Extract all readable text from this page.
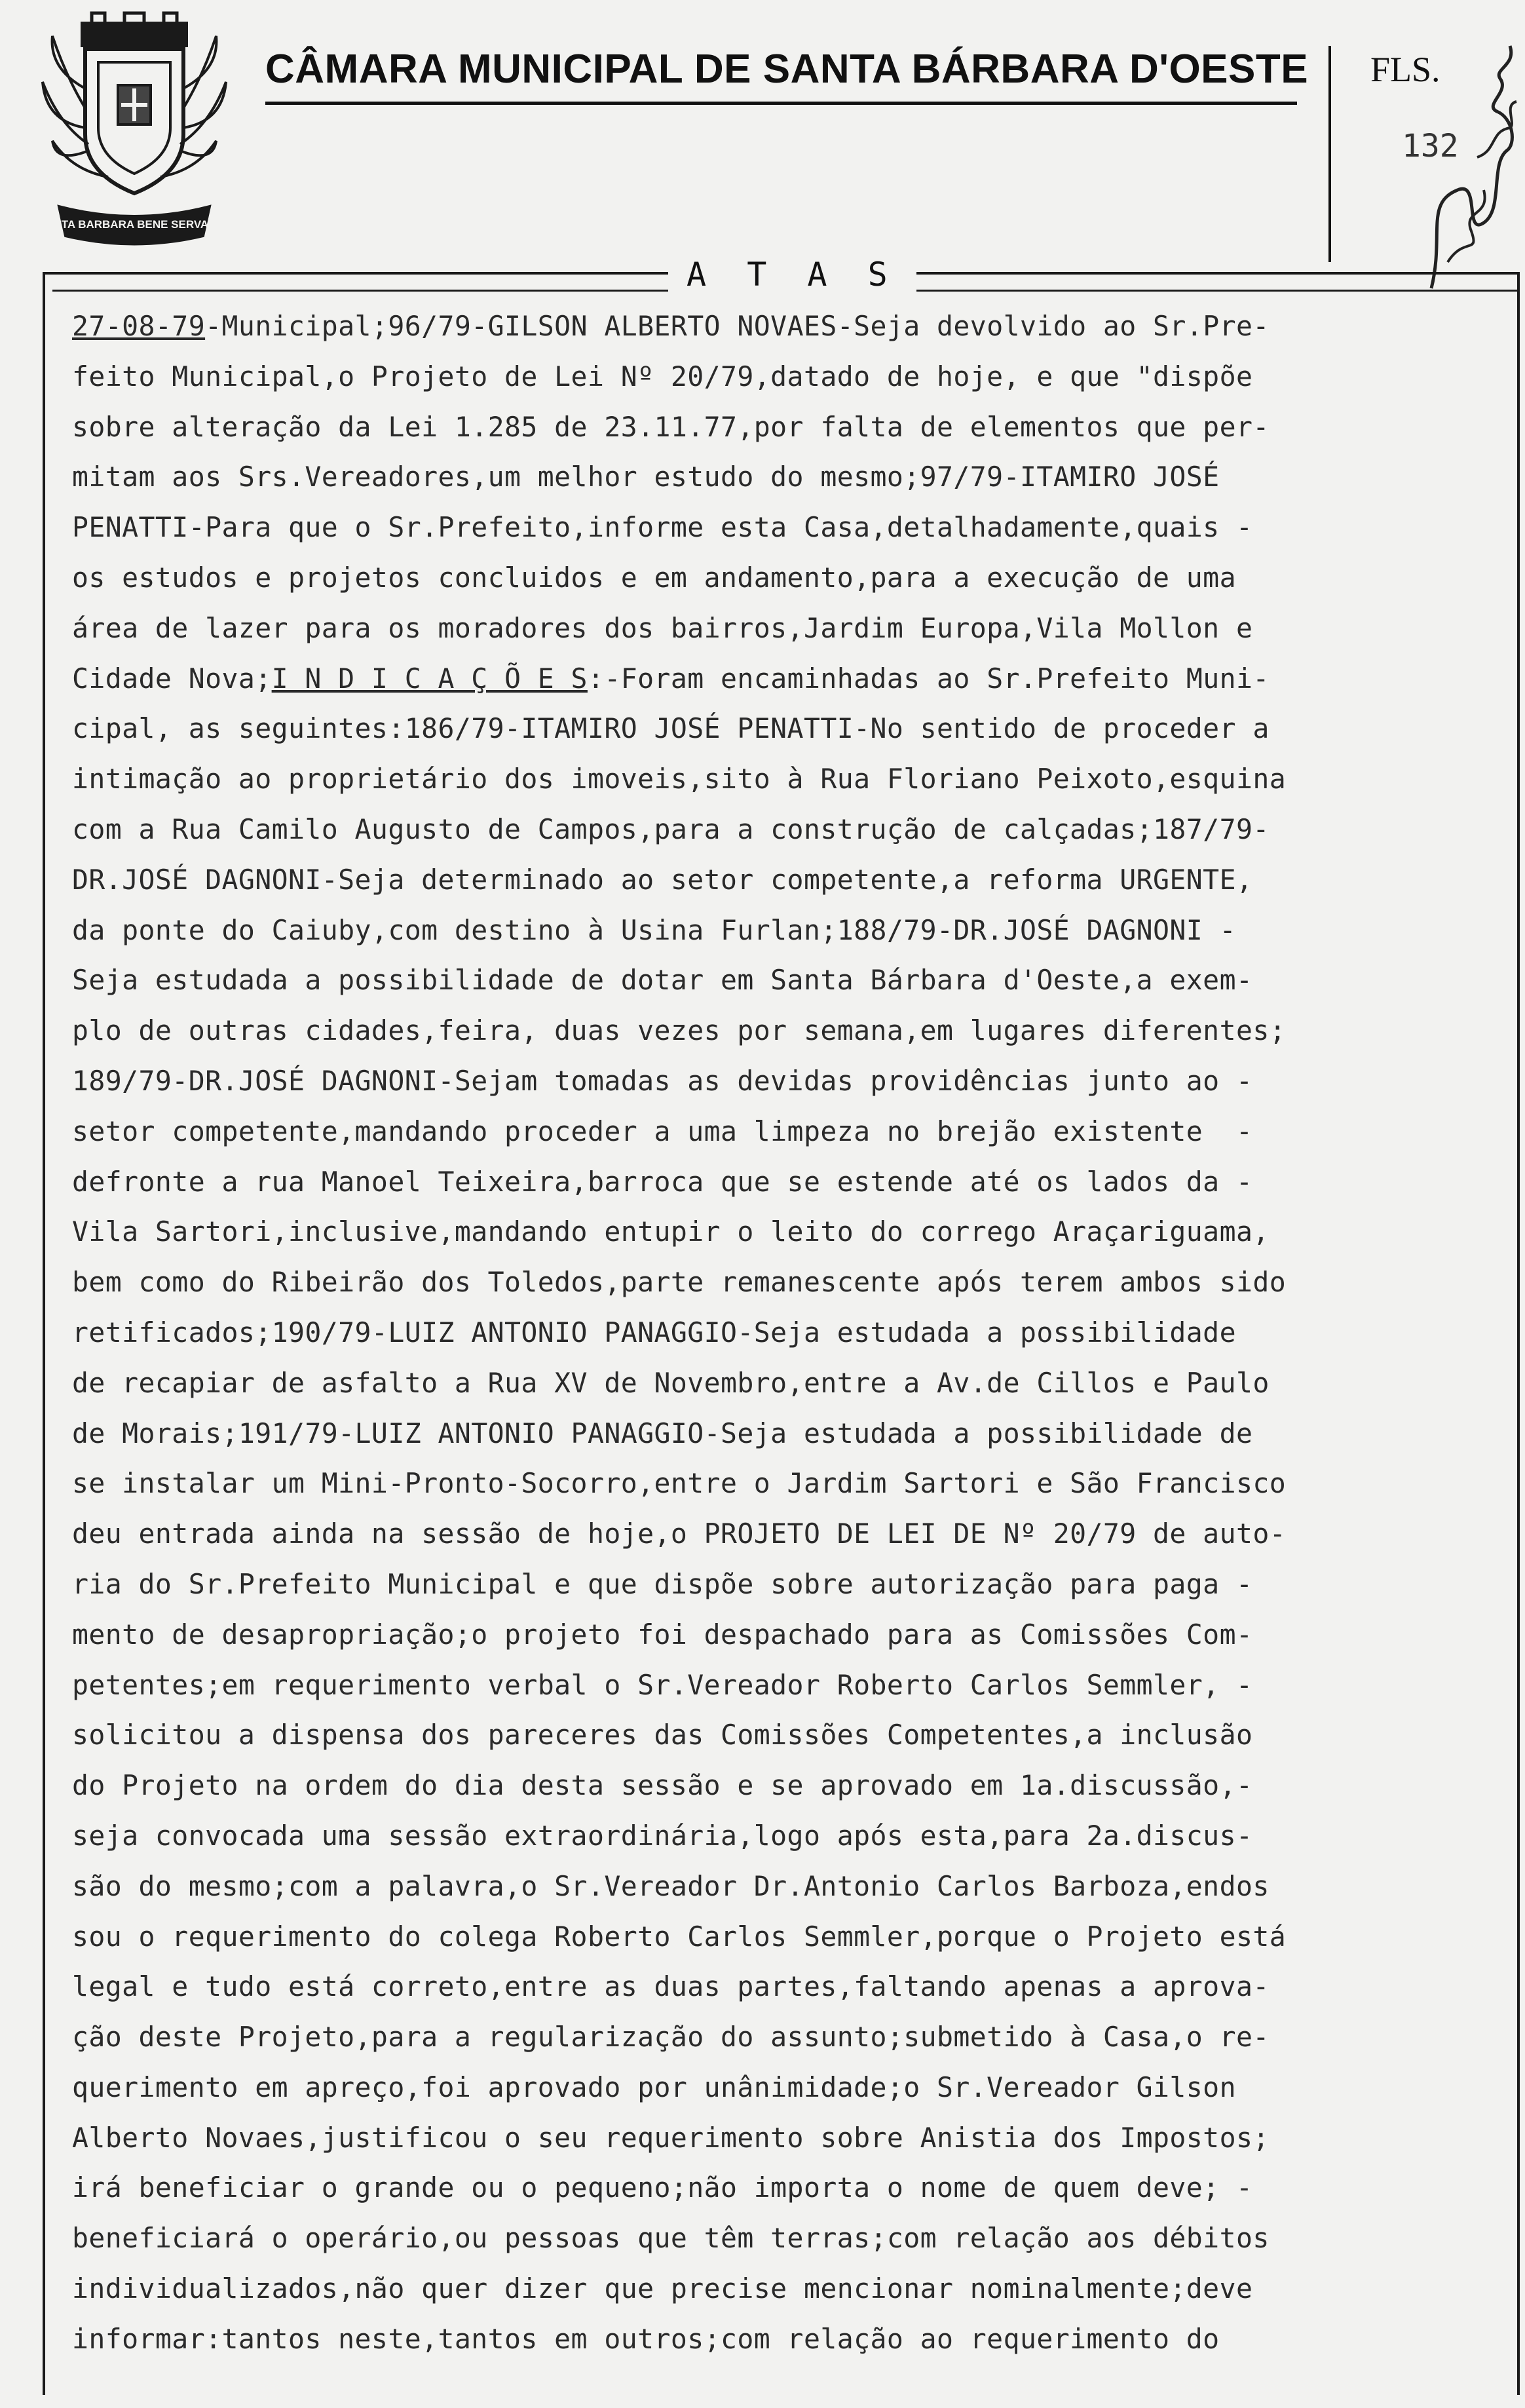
SANTA BARBARA BENE SERVANTE
CÂMARA MUNICIPAL DE SANTA BÁRBARA D'OESTE FLS.
132
A T A S
27-08-79-Municipal;96/79-GILSON ALBERTO NOVAES-Seja devolvido ao Sr.Pre-
feito Municipal,o Projeto de Lei Nº 20/79,datado de hoje, e que "dispõe
sobre alteração da Lei 1.285 de 23.11.77,por falta de elementos que per-
mitam aos Srs.Vereadores,um melhor estudo do mesmo;97/79-ITAMIRO JOSÉ
PENATTI-Para que o Sr.Prefeito,informe esta Casa,detalhadamente,quais -
os estudos e projetos concluidos e em andamento,para a execução de uma
área de lazer para os moradores dos bairros,Jardim Europa,Vila Mollon e
Cidade Nova;I N D I C A Ç Õ E S:-Foram encaminhadas ao Sr.Prefeito Muni-
cipal, as seguintes:186/79-ITAMIRO JOSÉ PENATTI-No sentido de proceder a
intimação ao proprietário dos imoveis,sito à Rua Floriano Peixoto,esquina
com a Rua Camilo Augusto de Campos,para a construção de calçadas;187/79-
DR.JOSÉ DAGNONI-Seja determinado ao setor competente,a reforma URGENTE,
da ponte do Caiuby,com destino à Usina Furlan;188/79-DR.JOSÉ DAGNONI -
Seja estudada a possibilidade de dotar em Santa Bárbara d'Oeste,a exem-
plo de outras cidades,feira, duas vezes por semana,em lugares diferentes;
189/79-DR.JOSÉ DAGNONI-Sejam tomadas as devidas providências junto ao -
setor competente,mandando proceder a uma limpeza no brejão existente  -
defronte a rua Manoel Teixeira,barroca que se estende até os lados da -
Vila Sartori,inclusive,mandando entupir o leito do corrego Araçariguama,
bem como do Ribeirão dos Toledos,parte remanescente após terem ambos sido
retificados;190/79-LUIZ ANTONIO PANAGGIO-Seja estudada a possibilidade
de recapiar de asfalto a Rua XV de Novembro,entre a Av.de Cillos e Paulo
de Morais;191/79-LUIZ ANTONIO PANAGGIO-Seja estudada a possibilidade de
se instalar um Mini-Pronto-Socorro,entre o Jardim Sartori e São Francisco
deu entrada ainda na sessão de hoje,o PROJETO DE LEI DE Nº 20/79 de auto-
ria do Sr.Prefeito Municipal e que dispõe sobre autorização para paga -
mento de desapropriação;o projeto foi despachado para as Comissões Com-
petentes;em requerimento verbal o Sr.Vereador Roberto Carlos Semmler, -
solicitou a dispensa dos pareceres das Comissões Competentes,a inclusão
do Projeto na ordem do dia desta sessão e se aprovado em 1a.discussão,-
seja convocada uma sessão extraordinária,logo após esta,para 2a.discus-
são do mesmo;com a palavra,o Sr.Vereador Dr.Antonio Carlos Barboza,endos
sou o requerimento do colega Roberto Carlos Semmler,porque o Projeto está
legal e tudo está correto,entre as duas partes,faltando apenas a aprova-
ção deste Projeto,para a regularização do assunto;submetido à Casa,o re-
querimento em apreço,foi aprovado por unânimidade;o Sr.Vereador Gilson
Alberto Novaes,justificou o seu requerimento sobre Anistia dos Impostos;
irá beneficiar o grande ou o pequeno;não importa o nome de quem deve; -
beneficiará o operário,ou pessoas que têm terras;com relação aos débitos
individualizados,não quer dizer que precise mencionar nominalmente;deve
informar:tantos neste,tantos em outros;com relação ao requerimento do
